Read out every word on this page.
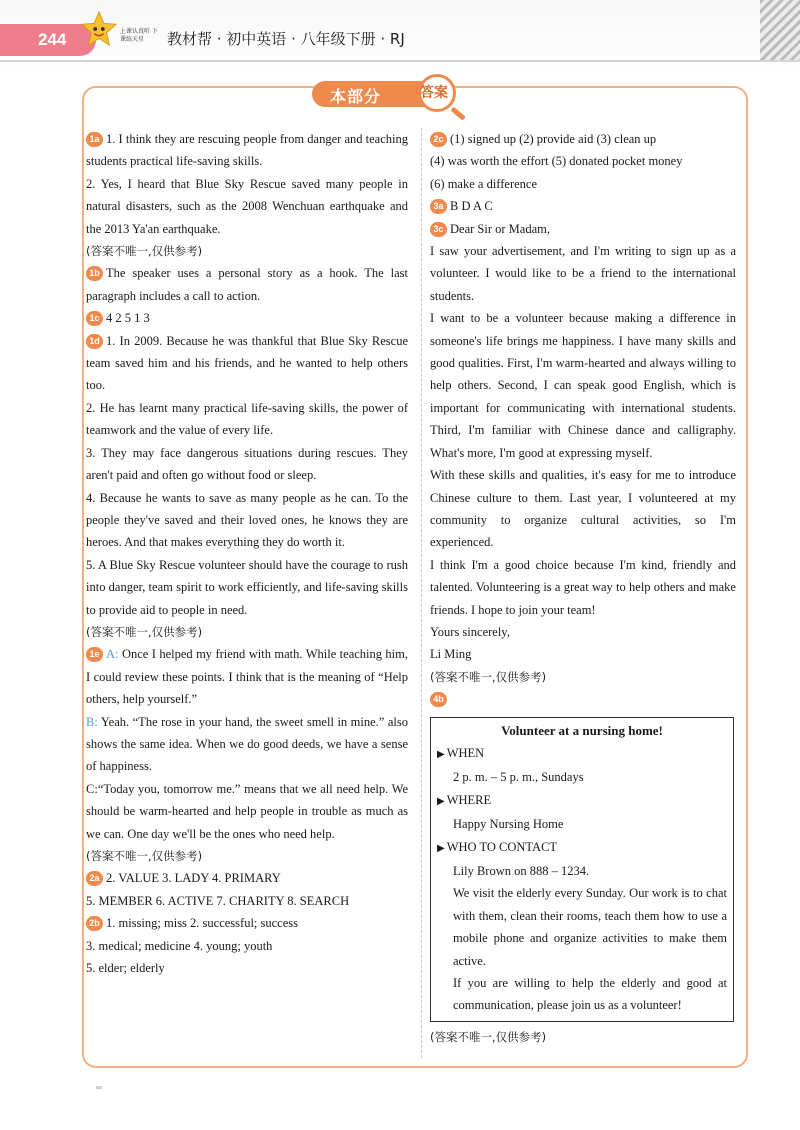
244	上课认真听 下课练天星	教材帮 · 初中英语 · 八年级下册 · RJ
本部分	答案

1a 1. I think they are rescuing people from danger and teaching students practical life-saving skills.

2. Yes, I heard that Blue Sky Rescue saved many people in natural disasters, such as the 2008 Wenchuan earthquake and the 2013 Ya'an earthquake.

(答案不唯一,仅供参考)

1b The speaker uses a personal story as a hook. The last paragraph includes a call to action.

1c 4 2 5 1 3

1d 1. In 2009. Because he was thankful that Blue Sky Rescue team saved him and his friends, and he wanted to help others too.

2. He has learnt many practical life-saving skills, the power of teamwork and the value of every life.

3. They may face dangerous situations during rescues. They aren't paid and often go without food or sleep.

4. Because he wants to save as many people as he can. To the people they've saved and their loved ones, he knows they are heroes. And that makes everything they do worth it.

5. A Blue Sky Rescue volunteer should have the courage to rush into danger, team spirit to work efficiently, and life-saving skills to provide aid to people in need.

(答案不唯一,仅供参考)

1e A: Once I helped my friend with math. While teaching him, I could review these points. I think that is the meaning of “Help others, help yourself.”

B: Yeah. “The rose in your hand, the sweet smell in mine.” also shows the same idea. When we do good deeds, we have a sense of happiness.

C:“Today you, tomorrow me.” means that we all need help. We should be warm-hearted and help people in trouble as much as we can. One day we'll be the ones who need help.

(答案不唯一,仅供参考)

2a 2. VALUE 3. LADY 4. PRIMARY

5. MEMBER 6. ACTIVE 7. CHARITY 8. SEARCH

2b 1. missing; miss 2. successful; success

3. medical; medicine 4. young; youth

5. elder; elderly

2c (1) signed up (2) provide aid (3) clean up

(4) was worth the effort (5) donated pocket money

(6) make a difference

3a B D A C

3c Dear Sir or Madam,

I saw your advertisement, and I'm writing to sign up as a volunteer. I would like to be a friend to the international students.

I want to be a volunteer because making a difference in someone's life brings me happiness. I have many skills and good qualities. First, I'm warm-hearted and always willing to help others. Second, I can speak good English, which is important for communicating with international students. Third, I'm familiar with Chinese dance and calligraphy. What's more, I'm good at expressing myself.

With these skills and qualities, it's easy for me to introduce Chinese culture to them. Last year, I volunteered at my community to organize cultural activities, so I'm experienced.

I think I'm a good choice because I'm kind, friendly and talented. Volunteering is a great way to help others and make friends. I hope to join your team!

Yours sincerely,

Li Ming

(答案不唯一,仅供参考)

4b

Volunteer at a nursing home!

▶ WHEN

2 p. m. – 5 p. m., Sundays

▶ WHERE

Happy Nursing Home

▶ WHO TO CONTACT

Lily Brown on 888 – 1234.

We visit the elderly every Sunday. Our work is to chat with them, clean their rooms, teach them how to use a mobile phone and organize activities to make them active.

If you are willing to help the elderly and good at communication, please join us as a volunteer!

(答案不唯一,仅供参考)
